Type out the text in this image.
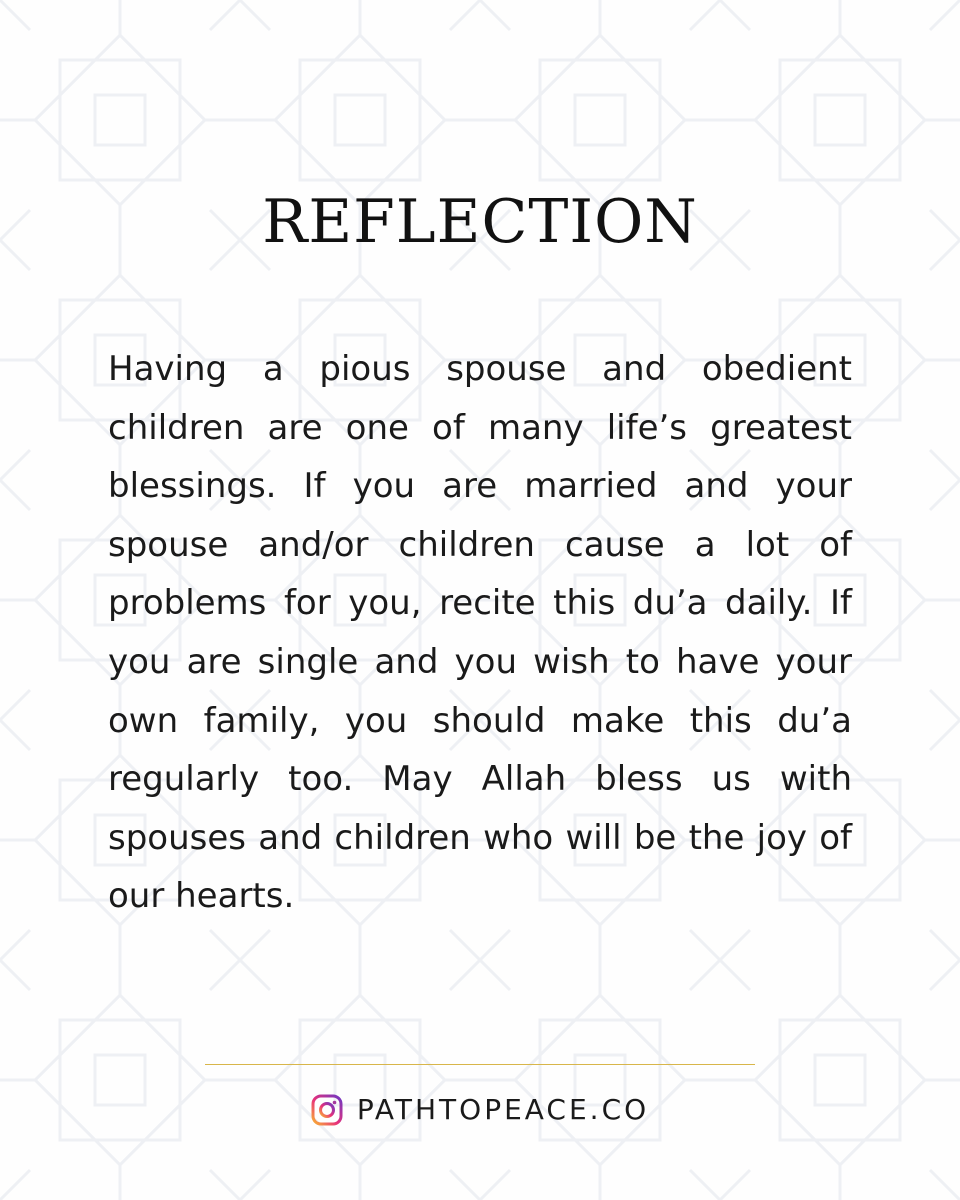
REFLECTION

Having a pious spouse and obedient children are one of many life’s greatest blessings. If you are married and your spouse and/or children cause a lot of problems for you, recite this du’a daily. If you are single and you wish to have your own family, you should make this du’a regularly too. May Allah bless us with spouses and children who will be the joy of our hearts.

PATHTOPEACE.CO
